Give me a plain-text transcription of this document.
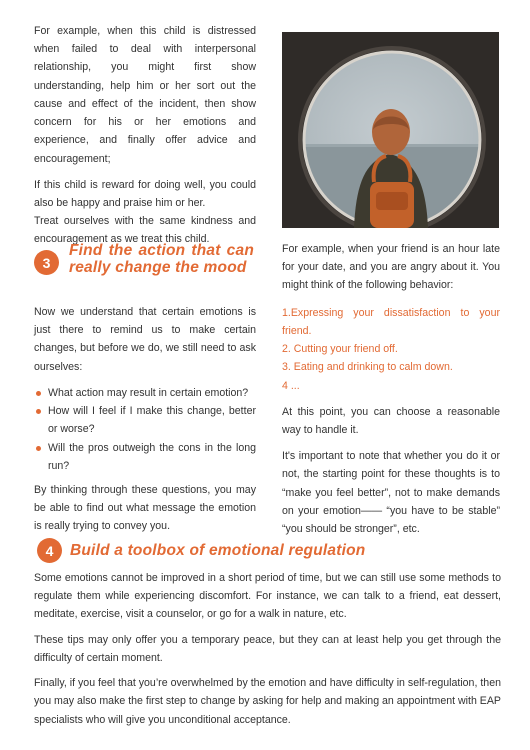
For example, when this child is distressed when failed to deal with interpersonal relationship, you might first show understanding, help him or her sort out the cause and effect of the incident, then show concern for his or her emotions and experience, and finally offer advice and encouragement;

If this child is reward for doing well, you could also be happy and praise him or her.
Treat ourselves with the same kindness and encouragement as we treat this child.

3
Find the action that can really change the mood

Now we understand that certain emotions is just there to remind us to make certain changes, but before we do, we still need to ask ourselves:

What action may result in certain emotion?
How will I feel if I make this change, better or worse?
Will the pros outweigh the cons in the long run?

By thinking through these questions, you may be able to find out what message the emotion is really trying to convey you.

For example, when your friend is an hour late for your date, and you are angry about it. You might think of the following behavior:

1.Expressing your dissatisfaction to your friend.
2. Cutting your friend off.
3. Eating and drinking to calm down.
4 ...

At this point, you can choose a reasonable way to handle it.

It's important to note that whether you do it or not, the starting point for these thoughts is to “make you feel better”, not to make demands on your emotion—— “you have to be stable” “you should be stronger”, etc.

4	Build a toolbox of emotional regulation

Some emotions cannot be improved in a short period of time, but we can still use some methods to regulate them while experiencing discomfort. For instance, we can talk to a friend, eat dessert, meditate, exercise, visit a counselor, or go for a walk in nature, etc.

These tips may only offer you a temporary peace, but they can at least help you get through the difficulty of certain moment.

Finally, if you feel that you’re overwhelmed by the emotion and have difficulty in self-regulation, then you may also make the first step to change by asking for help and making an appointment with EAP specialists who will give you unconditional acceptance.
